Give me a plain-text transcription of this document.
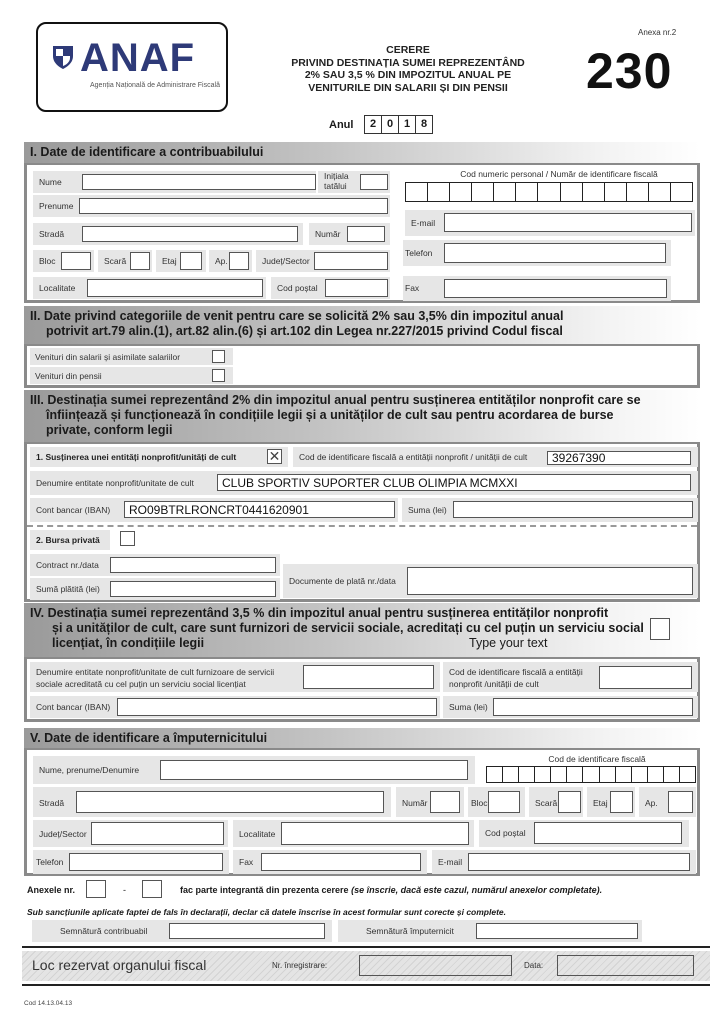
ANAF
Agenția Națională de Administrare Fiscală
CERERE
PRIVIND DESTINAȚIA SUMEI REPREZENTÂND
2% SAU 3,5 % DIN IMPOZITUL ANUAL PE
VENITURILE DIN SALARII ȘI DIN PENSII
Anexa nr.2
230
Anul	2 0 1 8
I. Date de identificare a contribuabilului
Nume
Inițiala
tatălui
Prenume
Stradă	Număr
Bloc	Scară	Etaj	Ap.	Județ/Sector
Localitate	Cod poștal
Cod numeric personal / Număr de identificare fiscală
E-mail
Telefon
Fax
II. Date privind categoriile de venit pentru care se solicită 2% sau 3,5% din impozitul anual
potrivit art.79 alin.(1), art.82 alin.(6) și art.102 din Legea nr.227/2015 privind Codul fiscal
Venituri din salarii și asimilate salariilor
Venituri din pensii
III. Destinația sumei reprezentând 2% din impozitul anual pentru susținerea entităților nonprofit care se
înființează și funcționează în condițiile legii și a unităților de cult sau pentru acordarea de burse
private, conform legii
1. Susținerea unei entități nonprofit/unități de cult ✕ Cod de identificare fiscală a entității nonprofit / unității de cult
39267390
Denumire entitate nonprofit/unitate de cult
CLUB SPORTIV SUPORTER CLUB OLIMPIA MCMXXI
Cont bancar (IBAN)
RO09BTRLRONCRT0441620901	Suma (lei)
2. Bursa privată
Contract nr./data
Sumă plătită (lei)
Documente de plată nr./data
IV. Destinația sumei reprezentând 3,5 % din impozitul anual pentru susținerea entităților nonprofit
și a unităților de cult, care sunt furnizori de servicii sociale, acreditați cu cel puțin un serviciu social
licențiat, în condițiile legii	Type your text
Denumire entitate nonprofit/unitate de cult furnizoare de servicii
sociale acreditată cu cel puțin un serviciu social licențiat
Cod de identificare fiscală a entității
nonprofit /unității de cult
Cont bancar (IBAN)	Suma (lei)
V. Date de identificare a împuternicitului
Nume, prenume/Denumire
Cod de identificare fiscală
Stradă	Număr	Bloc	Scară	Etaj	Ap.
Județ/Sector	Localitate	Cod poștal
Telefon	Fax	E-mail
Anexele nr.	-	fac parte integrantă din prezenta cerere (se înscrie, dacă este cazul, numărul anexelor completate).
Sub sancțiunile aplicate faptei de fals în declarații, declar că datele înscrise în acest formular sunt corecte și complete.
Semnătură contribuabil	Semnătură împuternicit
Loc rezervat organului fiscal	Nr. înregistrare:	Data:
Cod 14.13.04.13
